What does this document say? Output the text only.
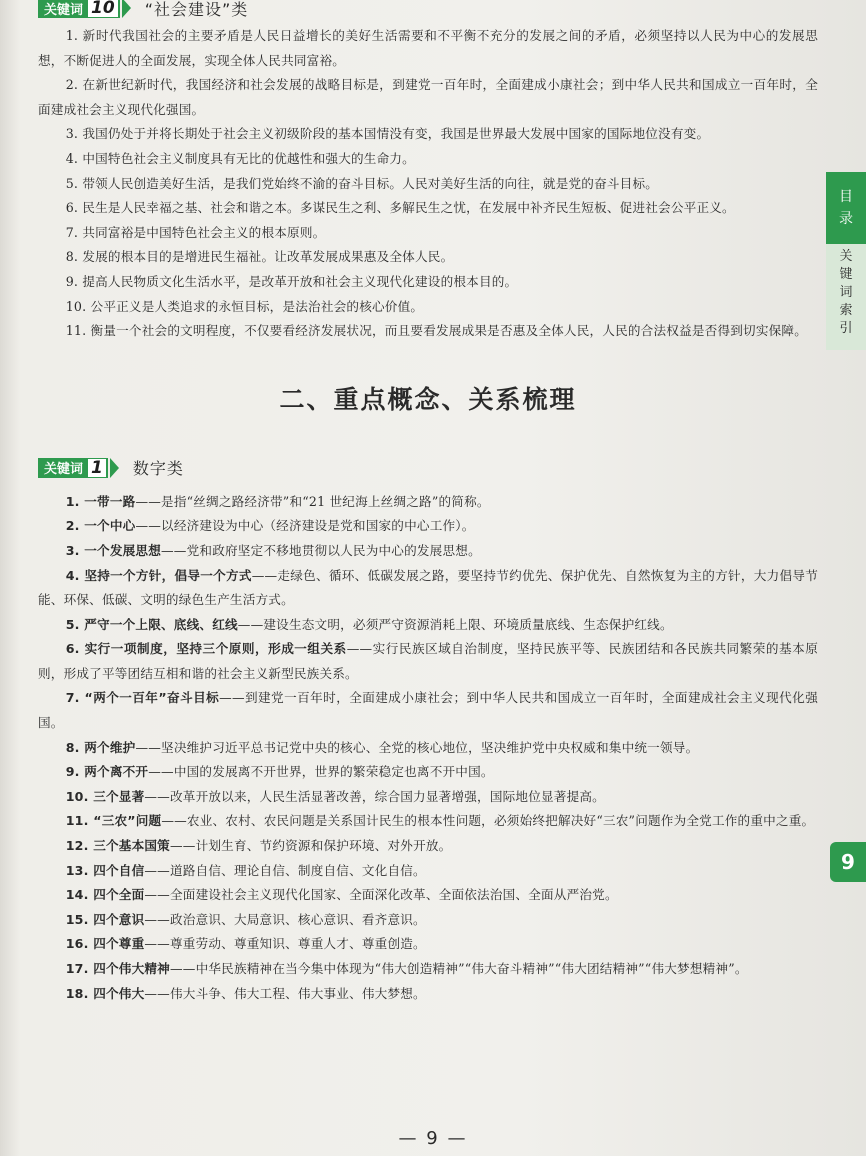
关键词 10 “社会建设”类

1. 新时代我国社会的主要矛盾是人民日益增长的美好生活需要和不平衡不充分的发展之间的矛盾，必须坚持以人民为中心的发展思想，不断促进人的全面发展，实现全体人民共同富裕。

2. 在新世纪新时代，我国经济和社会发展的战略目标是，到建党一百年时，全面建成小康社会；到中华人民共和国成立一百年时，全面建成社会主义现代化强国。

3. 我国仍处于并将长期处于社会主义初级阶段的基本国情没有变，我国是世界最大发展中国家的国际地位没有变。

4. 中国特色社会主义制度具有无比的优越性和强大的生命力。

5. 带领人民创造美好生活，是我们党始终不渝的奋斗目标。人民对美好生活的向往，就是党的奋斗目标。

6. 民生是人民幸福之基、社会和谐之本。多谋民生之利、多解民生之忧，在发展中补齐民生短板、促进社会公平正义。

7. 共同富裕是中国特色社会主义的根本原则。

8. 发展的根本目的是增进民生福祉。让改革发展成果惠及全体人民。

9. 提高人民物质文化生活水平，是改革开放和社会主义现代化建设的根本目的。

10. 公平正义是人类追求的永恒目标，是法治社会的核心价值。

11. 衡量一个社会的文明程度，不仅要看经济发展状况，而且要看发展成果是否惠及全体人民，人民的合法权益是否得到切实保障。

二、重点概念、关系梳理
关键词 1 数字类

1. 一带一路——是指“丝绸之路经济带”和“21 世纪海上丝绸之路”的简称。

2. 一个中心——以经济建设为中心（经济建设是党和国家的中心工作）。

3. 一个发展思想——党和政府坚定不移地贯彻以人民为中心的发展思想。

4. 坚持一个方针，倡导一个方式——走绿色、循环、低碳发展之路，要坚持节约优先、保护优先、自然恢复为主的方针，大力倡导节能、环保、低碳、文明的绿色生产生活方式。

5. 严守一个上限、底线、红线——建设生态文明，必须严守资源消耗上限、环境质量底线、生态保护红线。

6. 实行一项制度，坚持三个原则，形成一组关系——实行民族区域自治制度，坚持民族平等、民族团结和各民族共同繁荣的基本原则，形成了平等团结互相和谐的社会主义新型民族关系。

7. “两个一百年”奋斗目标——到建党一百年时，全面建成小康社会；到中华人民共和国成立一百年时，全面建成社会主义现代化强国。

8. 两个维护——坚决维护习近平总书记党中央的核心、全党的核心地位，坚决维护党中央权威和集中统一领导。

9. 两个离不开——中国的发展离不开世界，世界的繁荣稳定也离不开中国。

10. 三个显著——改革开放以来，人民生活显著改善，综合国力显著增强，国际地位显著提高。

11. “三农”问题——农业、农村、农民问题是关系国计民生的根本性问题，必须始终把解决好“三农”问题作为全党工作的重中之重。

12. 三个基本国策——计划生育、节约资源和保护环境、对外开放。

13. 四个自信——道路自信、理论自信、制度自信、文化自信。

14. 四个全面——全面建设社会主义现代化国家、全面深化改革、全面依法治国、全面从严治党。

15. 四个意识——政治意识、大局意识、核心意识、看齐意识。

16. 四个尊重——尊重劳动、尊重知识、尊重人才、尊重创造。

17. 四个伟大精神——中华民族精神在当今集中体现为“伟大创造精神”“伟大奋斗精神”“伟大团结精神”“伟大梦想精神”。

18. 四个伟大——伟大斗争、伟大工程、伟大事业、伟大梦想。

目
录
关
键
词
索
引
9
— 9 —
